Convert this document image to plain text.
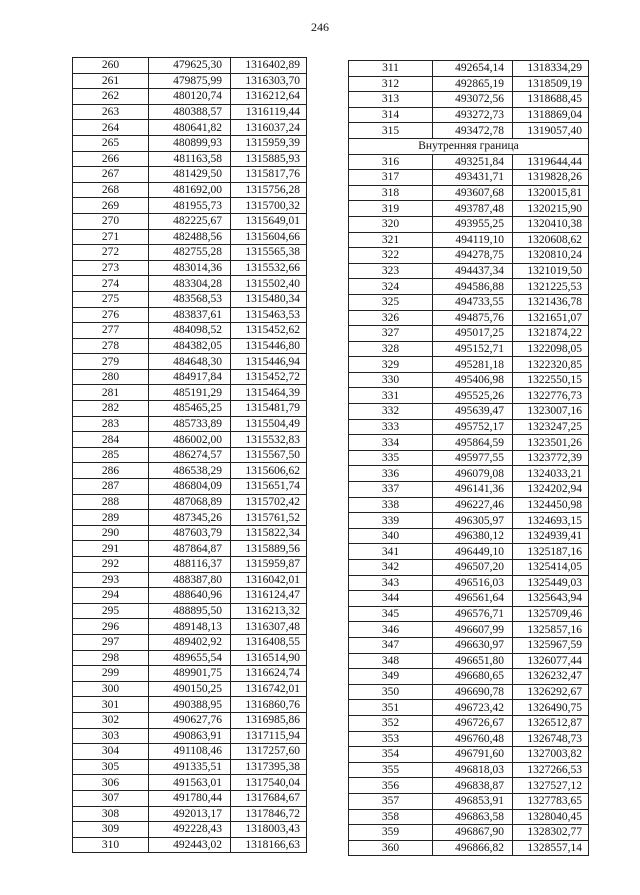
246
260	479625,30	1316402,89
261	479875,99	1316303,70
262	480120,74	1316212,64
263	480388,57	1316119,44
264	480641,82	1316037,24
265	480899,93	1315959,39
266	481163,58	1315885,93
267	481429,50	1315817,76
268	481692,00	1315756,28
269	481955,73	1315700,32
270	482225,67	1315649,01
271	482488,56	1315604,66
272	482755,28	1315565,38
273	483014,36	1315532,66
274	483304,28	1315502,40
275	483568,53	1315480,34
276	483837,61	1315463,53
277	484098,52	1315452,62
278	484382,05	1315446,80
279	484648,30	1315446,94
280	484917,84	1315452,72
281	485191,29	1315464,39
282	485465,25	1315481,79
283	485733,89	1315504,49
284	486002,00	1315532,83
285	486274,57	1315567,50
286	486538,29	1315606,62
287	486804,09	1315651,74
288	487068,89	1315702,42
289	487345,26	1315761,52
290	487603,79	1315822,34
291	487864,87	1315889,56
292	488116,37	1315959,87
293	488387,80	1316042,01
294	488640,96	1316124,47
295	488895,50	1316213,32
296	489148,13	1316307,48
297	489402,92	1316408,55
298	489655,54	1316514,90
299	489901,75	1316624,74
300	490150,25	1316742,01
301	490388,95	1316860,76
302	490627,76	1316985,86
303	490863,91	1317115,94
304	491108,46	1317257,60
305	491335,51	1317395,38
306	491563,01	1317540,04
307	491780,44	1317684,67
308	492013,17	1317846,72
309	492228,43	1318003,43
310	492443,02	1318166,63
311	492654,14	1318334,29
312	492865,19	1318509,19
313	493072,56	1318688,45
314	493272,73	1318869,04
315	493472,78	1319057,40
Внутренняя граница		
316	493251,84	1319644,44
317	493431,71	1319828,26
318	493607,68	1320015,81
319	493787,48	1320215,90
320	493955,25	1320410,38
321	494119,10	1320608,62
322	494278,75	1320810,24
323	494437,34	1321019,50
324	494586,88	1321225,53
325	494733,55	1321436,78
326	494875,76	1321651,07
327	495017,25	1321874,22
328	495152,71	1322098,05
329	495281,18	1322320,85
330	495406,98	1322550,15
331	495525,26	1322776,73
332	495639,47	1323007,16
333	495752,17	1323247,25
334	495864,59	1323501,26
335	495977,55	1323772,39
336	496079,08	1324033,21
337	496141,36	1324202,94
338	496227,46	1324450,98
339	496305,97	1324693,15
340	496380,12	1324939,41
341	496449,10	1325187,16
342	496507,20	1325414,05
343	496516,03	1325449,03
344	496561,64	1325643,94
345	496576,71	1325709,46
346	496607,99	1325857,16
347	496630,97	1325967,59
348	496651,80	1326077,44
349	496680,65	1326232,47
350	496690,78	1326292,67
351	496723,42	1326490,75
352	496726,67	1326512,87
353	496760,48	1326748,73
354	496791,60	1327003,82
355	496818,03	1327266,53
356	496838,87	1327527,12
357	496853,91	1327783,65
358	496863,58	1328040,45
359	496867,90	1328302,77
360	496866,82	1328557,14
